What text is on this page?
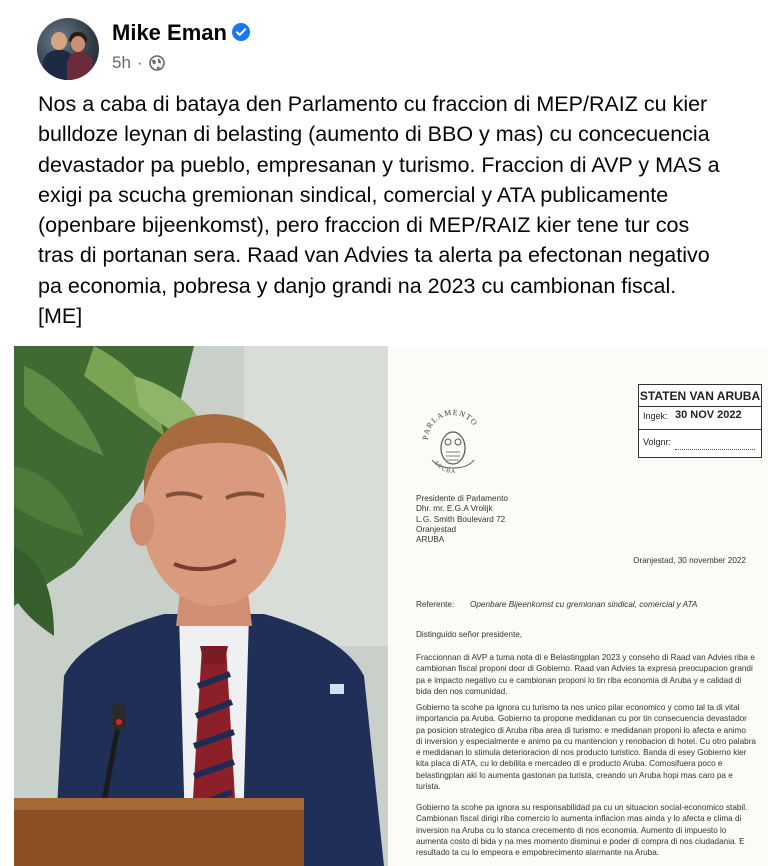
Mike Eman
5h ·
Nos a caba di bataya den Parlamento cu fraccion di MEP/RAIZ cu kier
bulldoze leynan di belasting (aumento di BBO y mas) cu concecuencia
devastador pa pueblo, empresanan y turismo. Fraccion di AVP y MAS a
exigi pa scucha gremionan sindical, comercial y ATA publicamente
(openbare bijeenkomst), pero fraccion di MEP/RAIZ kier tene tur cos
tras di portanan sera. Raad van Advies ta alerta pa efectonan negativo
pa economia, pobresa y danjo grandi na 2023 cu cambionan fiscal.
[ME]
STATEN VAN ARUBA
Ingek: 30 NOV 2022
Volgnr:
PARLAMENTO
ARUBA
Presidente di Parlamento
Dhr. mr. E.G.A Vrolijk
L.G. Smith Boulevard 72
Oranjestad
ARUBA
Oranjestad, 30 november 2022
Referente: Openbare Bijeenkomst cu gremionan sindical, comercial y ATA
Distinguido señor presidente,
Fraccionnan di AVP a tuma nota di e Belastingplan 2023 y conseho di Raad van Advies riba e
cambionan fiscal proponi door di Gobierno. Raad van Advies ta expresa preocupacion grandi
pa e impacto negativo cu e cambionan proponi lo tin riba economia di Aruba y e calidad di
bida den nos comunidad.
Gobierno ta scohe pa ignora cu turismo ta nos unico pilar economico y como tal ta di vital
importancia pa Aruba. Gobierno ta propone medidanan cu por tin consecuencia devastador
pa posicion strategico di Aruba riba area di turismo: e medidanan proponi lo afecta e animo
di inversion y especialmente e animo pa cu mantencion y renobacion di hotel. Cu otro palabra
e medidanan lo stimula deterioracion di nos producto turistico. Banda di esey Gobierno kier
kita placa di ATA, cu lo debilita e mercadeo di e producto Aruba. Comosifuera poco e
belastingplan aki lo aumenta gastonan pa turista, creando un Aruba hopi mas caro pa e
turista.
Gobierno ta scohe pa ignora su responsabilidad pa cu un situacion social-economico stabil.
Cambionan fiscal dirigi riba comercio lo aumenta inflacion mas ainda y lo afecta e clima di
inversion na Aruba cu lo stanca crecemento di nos economia. Aumento di impuesto lo
aumenta costo di bida y na mes momento disminui e poder di compra di nos ciudadania. E
resultado ta cu lo empeora e empobrecimento alarmante na Aruba.
